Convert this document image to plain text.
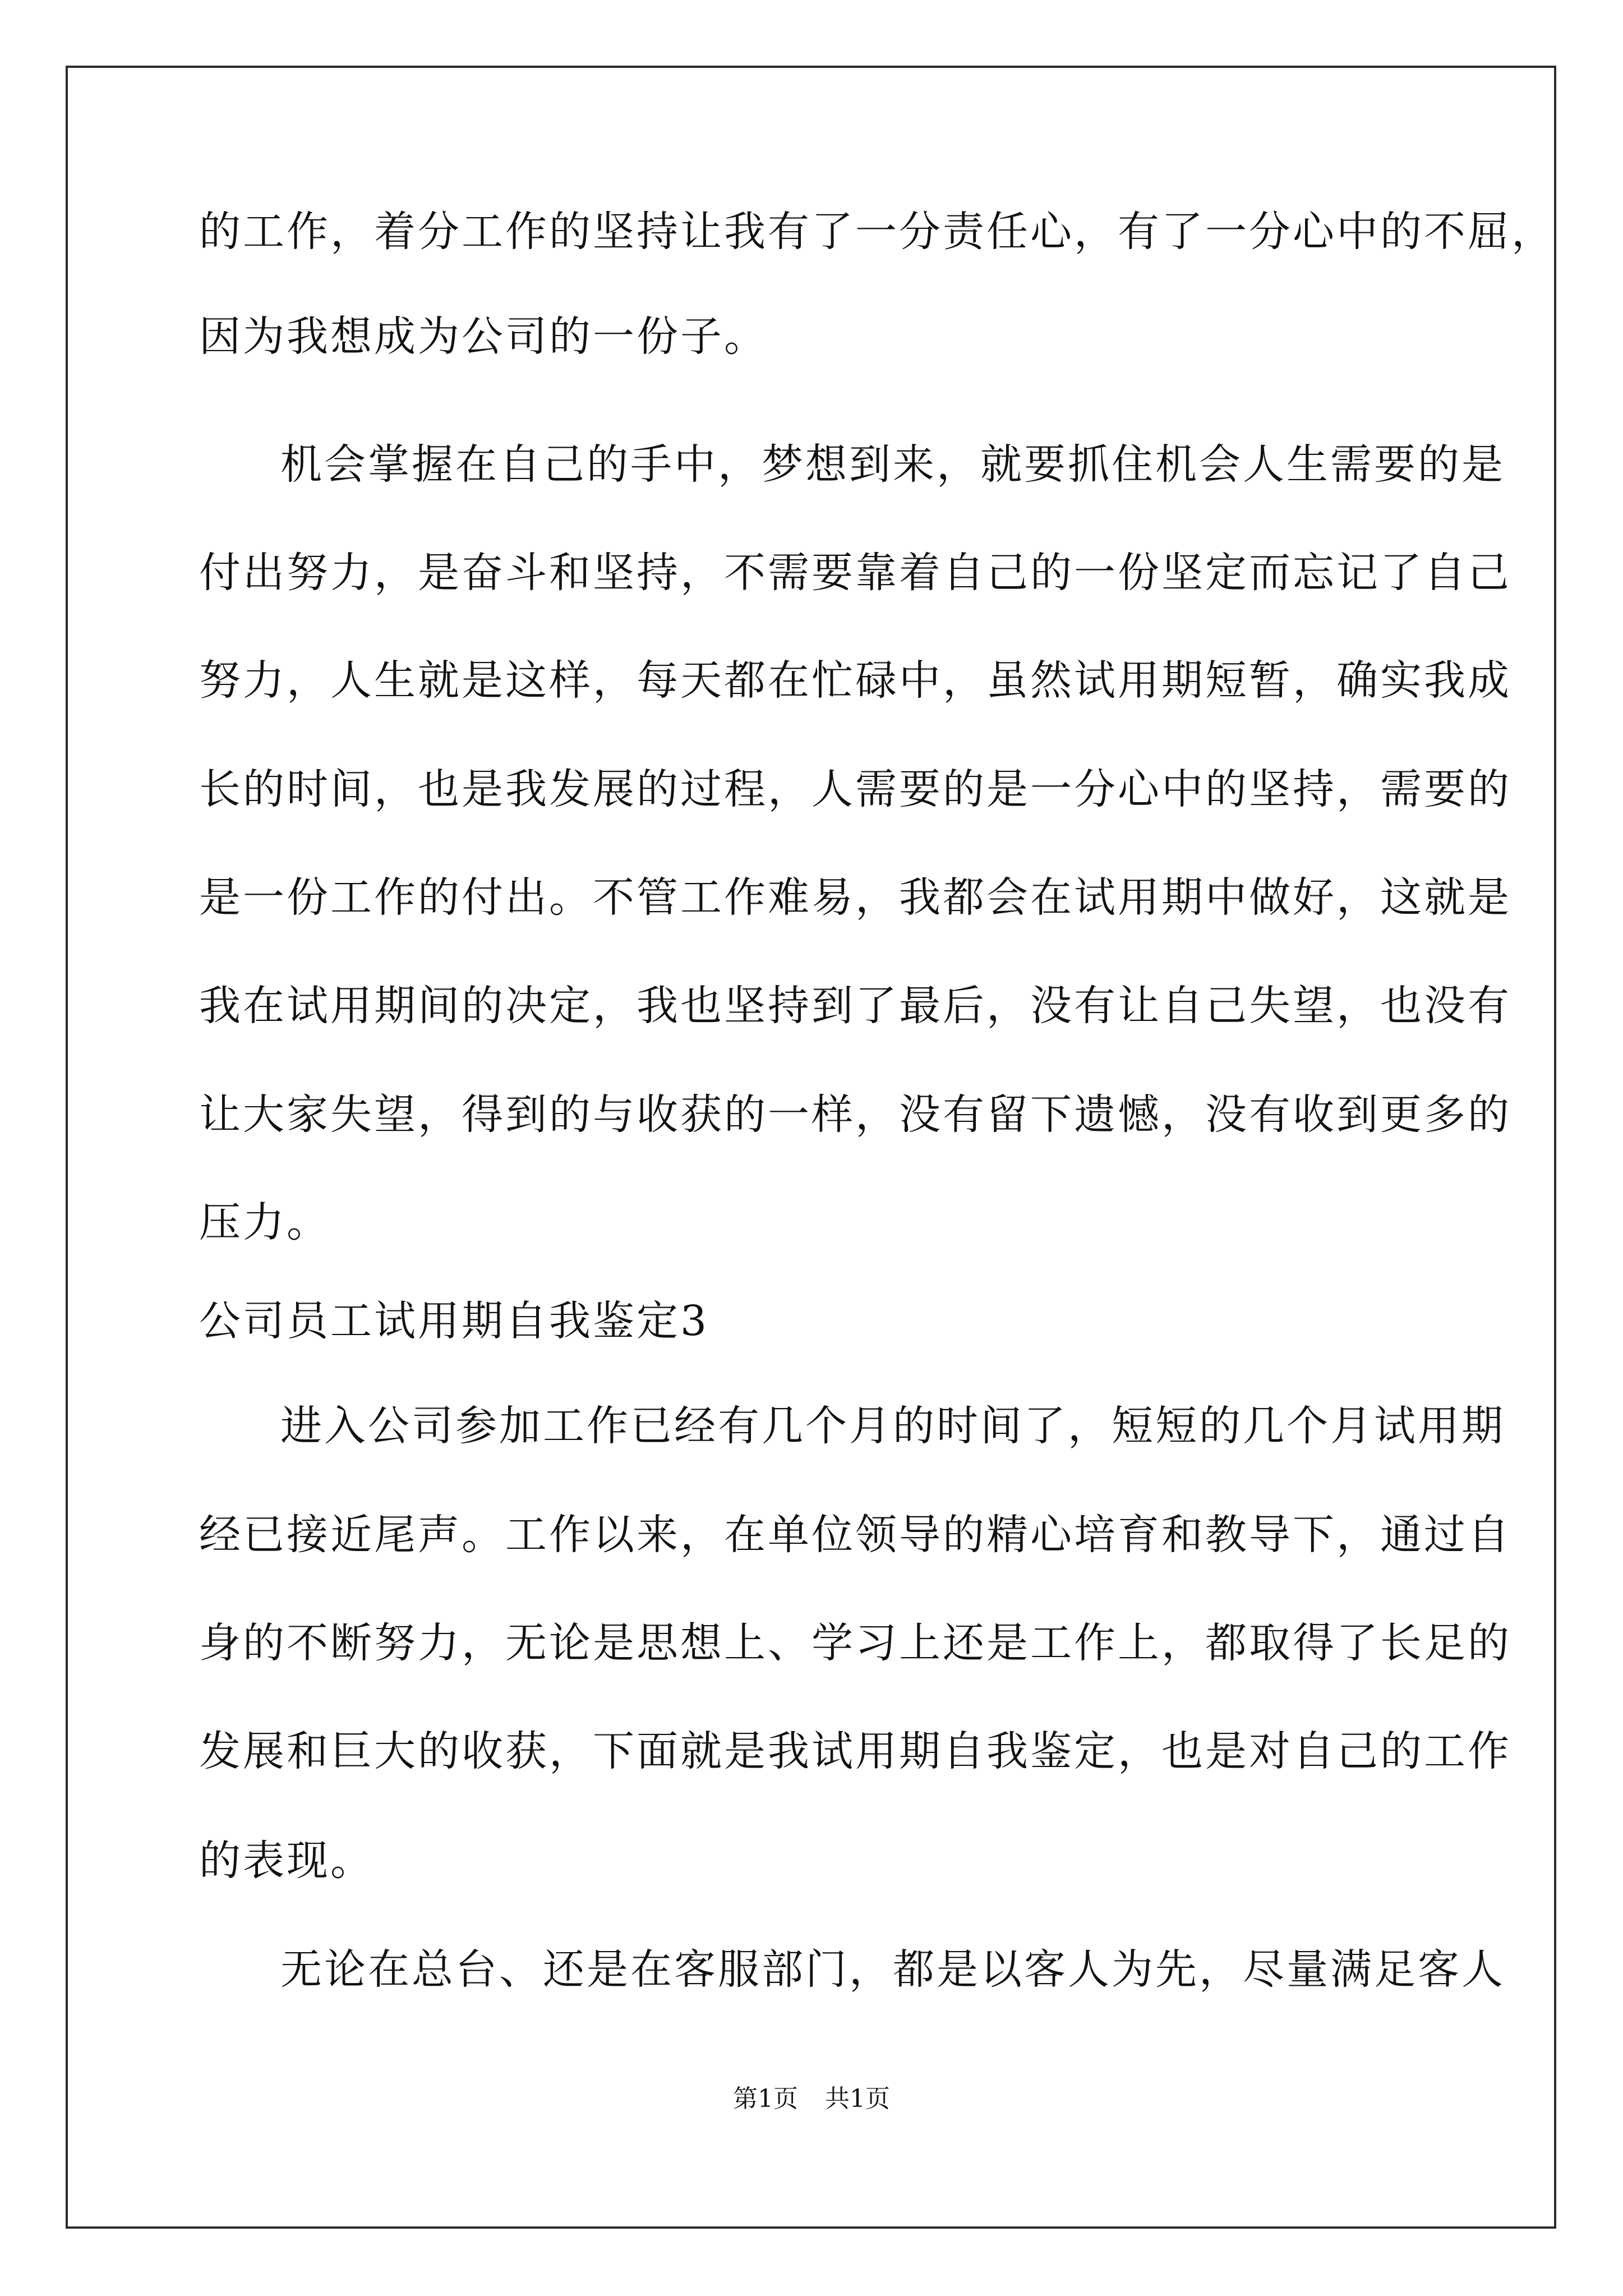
的工作，着分工作的坚持让我有了一分责任心，有了一分心中的不屈，
因为我想成为公司的一份子。
机会掌握在自己的手中，梦想到来，就要抓住机会人生需要的是
付出努力，是奋斗和坚持，不需要靠着自己的一份坚定而忘记了自己
努力，人生就是这样，每天都在忙碌中，虽然试用期短暂，确实我成
长的时间，也是我发展的过程，人需要的是一分心中的坚持，需要的
是一份工作的付出。不管工作难易，我都会在试用期中做好，这就是
我在试用期间的决定，我也坚持到了最后，没有让自己失望，也没有
让大家失望，得到的与收获的一样，没有留下遗憾，没有收到更多的
压力。
公司员工试用期自我鉴定3
进入公司参加工作已经有几个月的时间了，短短的几个月试用期
经已接近尾声。工作以来，在单位领导的精心培育和教导下，通过自
身的不断努力，无论是思想上、学习上还是工作上，都取得了长足的
发展和巨大的收获，下面就是我试用期自我鉴定，也是对自己的工作
的表现。
无论在总台、还是在客服部门，都是以客人为先，尽量满足客人
第1页 共1页
